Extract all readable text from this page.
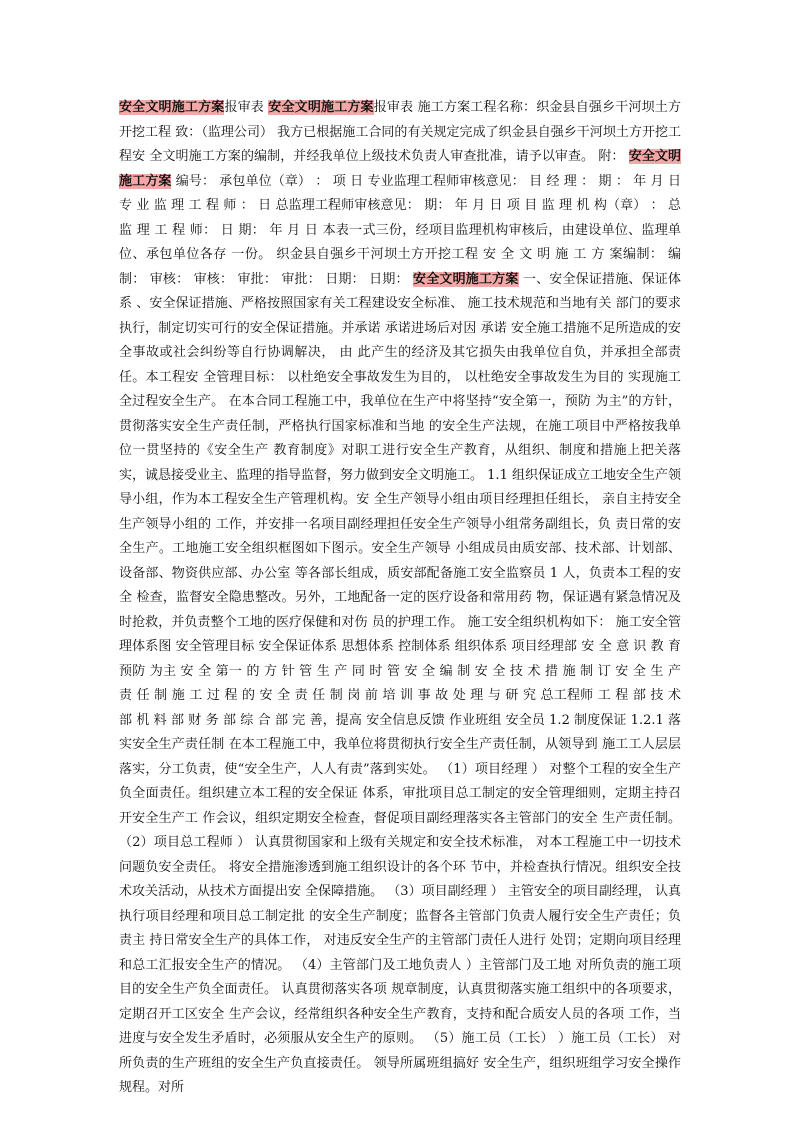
安全文明施工方案报审表 安全文明施工方案报审表 施工方案工程名称：织金县自强乡干河坝土方开挖工程 致：（监理公司） 我方已根据施工合同的有关规定完成了织金县自强乡干河坝土方开挖工程安 全文明施工方案的编制，并经我单位上级技术负责人审查批准，请予以审查。 附： 安全文明施工方案 编号： 承包单位（章） ： 项 日 专业监理工程师审核意见： 目 经 理 ： 期 ： 年 月 日 专 业 监 理 工 程 师 ： 日 总监理工程师审核意见： 期： 年 月 日 项 目 监 理 机 构（章） ： 总 监 理 工 程 师： 日 期： 年 月 日 本表一式三份，经项目监理机构审核后，由建设单位、监理单位、承包单位各存 一份。 织金县自强乡干河坝土方开挖工程 安 全 文 明 施 工 方 案编制： 编制： 审核： 审核： 审批： 审批： 日期： 日期： 安全文明施工方案 一、安全保证措施、保证体系 、安全保证措施、严格按照国家有关工程建设安全标准、 施工技术规范和当地有关 部门的要求执行，制定切实可行的安全保证措施。并承诺 承诺进场后对因 承诺 安全施工措施不足所造成的安全事故或社会纠纷等自行协调解决， 由 此产生的经济及其它损失由我单位自负，并承担全部责任。本工程安 全管理目标： 以杜绝安全事故发生为目的， 以杜绝安全事故发生为目的 实现施工全过程安全生产。 在本合同工程施工中，我单位在生产中将坚持“安全第一，预防 为主”的方针，贯彻落实安全生产责任制，严格执行国家标准和当地 的安全生产法规，在施工项目中严格按我单位一贯坚持的《安全生产 教育制度》对职工进行安全生产教育，从组织、制度和措施上把关落 实，诚恳接受业主、监理的指导监督，努力做到安全文明施工。 1.1 组织保证成立工地安全生产领导小组，作为本工程安全生产管理机构。安 全生产领导小组由项目经理担任组长， 亲自主持安全生产领导小组的 工作，并安排一名项目副经理担任安全生产领导小组常务副组长，负 责日常的安全生产。工地施工安全组织框图如下图示。安全生产领导 小组成员由质安部、技术部、计划部、设备部、物资供应部、办公室 等各部长组成，质安部配备施工安全监察员 1 人，负责本工程的安全 检查，监督安全隐患整改。另外，工地配备一定的医疗设备和常用药 物，保证遇有紧急情况及时抢救，并负责整个工地的医疗保健和对伤 员的护理工作。 施工安全组织机构如下： 施工安全管理体系图 安全管理目标 安全保证体系 思想体系 控制体系 组织体系 项目经理部 安 全 意 识 教 育 预防 为主 安 全 第一 的 方 针 管 生 产 同 时 管 安 全 编 制 安 全 技 术 措 施 制 订 安 全 生 产 责 任 制 施 工 过 程 的 安 全 责 任 制 岗 前 培 训 事 故 处 理 与 研 究 总工程师 工 程 部 技 术 部 机 料 部 财 务 部 综 合 部 完 善，提高 安全信息反馈 作业班组 安全员 1.2 制度保证 1.2.1 落实安全生产责任制 在本工程施工中，我单位将贯彻执行安全生产责任制，从领导到 施工工人层层落实，分工负责，使“安全生产，人人有责”落到实处。 （1）项目经理 ） 对整个工程的安全生产负全面责任。组织建立本工程的安全保证 体系，审批项目总工制定的安全管理细则，定期主持召开安全生产工 作会议，组织定期安全检查，督促项目副经理落实各主管部门的安全 生产责任制。 （2）项目总工程师 ） 认真贯彻国家和上级有关规定和安全技术标准， 对本工程施工中一切技术问题负安全责任。 将安全措施渗透到施工组织设计的各个环 节中，并检查执行情况。组织安全技术攻关活动，从技术方面提出安 全保障措施。 （3）项目副经理 ） 主管安全的项目副经理， 认真执行项目经理和项目总工制定批 的安全生产制度；监督各主管部门负责人履行安全生产责任；负责主 持日常安全生产的具体工作， 对违反安全生产的主管部门责任人进行 处罚；定期向项目经理和总工汇报安全生产的情况。 （4）主管部门及工地负责人 ）主管部门及工地 对所负责的施工项目的安全生产负全面责任。 认真贯彻落实各项 规章制度，认真贯彻落实施工组织中的各项要求，定期召开工区安全 生产会议，经常组织各种安全生产教育，支持和配合质安人员的各项 工作，当进度与安全发生矛盾时，必须服从安全生产的原则。 （5）施工员（工长） ）施工员（工长） 对所负责的生产班组的安全生产负直接责任。 领导所属班组搞好 安全生产，组织班组学习安全操作规程。对所
